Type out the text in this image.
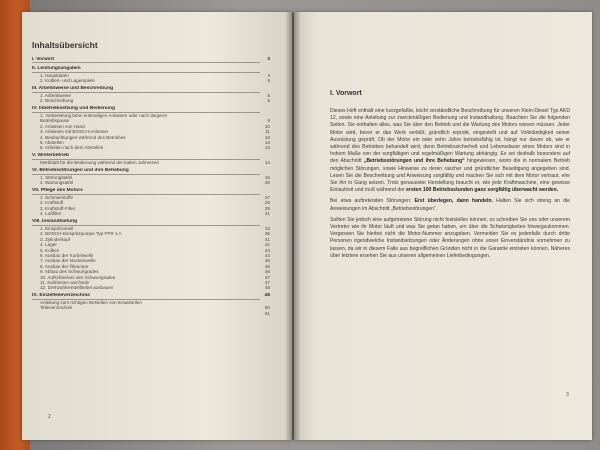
Inhaltsübersicht
I. Vorwort	3
II. Leistungsangaben
1. Hauptdaten	4
2. Kolben- und Lagerspiele	5
III. Arbeitsweise und Beschreibung
1. Arbeitsweise	6
2. Beschreibung	6
IV. Inbetriebsetzung und Bedienung
1. Vorbereitung beim erstmaligen Anlassen oder nach längerer
Betriebspause	8
2. Anlassen von Hand	10
3. Anlassen mit BOSCH-Anlasser	11
4. Beobachtungen während des Betriebes	12
5. Abstellen	13
6. Arbeiten nach dem Abstellen	13
V. Winterbetrieb
Merkblatt für die Bedienung während der kalten Jahreszeit	14
VI. Betriebsstörungen und ihre Behebung
1. Störungstafel	15
2. Wartungstafel	26
VII. Pflege des Motors
1. Schmierstoffe	27
2. Kraftstoff	29
3. Kraftstoff-Filter	29
4. Luftfilter	31
VIII. Instandhaltung
1. Einspritzventil	33
2. BOSCH-Einspritzpumpe Typ PFR 1 A	36
3. Zylinderkopf	41
4. Lager	42
5. Kolben	44
6. Ausbau der Kurbelwelle	44
7. Ausbau der Nockenwelle	45
8. Ausbau der Ölpumpe	46
9. Abbau des Schwungrades	46
10. Aufschlecken des Schwungrades	47
11. Keilriemen wechseln	47
12. Drehzahlverstellhebel ausbauen	48
IX. Einzelteileverzeichnis	48
Anleitung zum richtigen Bestellen von Ersatzteilen
Teileverzeichnis	50
51
2
I. Vorwort

Dieses Heft enthält eine kurzgefaßte, leicht verständliche Beschreibung für unseren Klein-Diesel Typ AKD 12, sowie eine Anleitung zur zweckmäßigen Bedienung und Instandhaltung. Beachten Sie die folgenden Seiten. Sie enthalten alles, was Sie über den Betrieb und die Wartung des Motors wissen müssen. Jeder Motor wird, bevor er das Werk verläßt, gründlich erprobt, eingestellt und auf Vollständigkeit seiner Ausrüstung geprüft. Ob der Motor ein oder zehn Jahre betriebsfähig ist, hängt nur davon ab, wie er während des Betriebes behandelt wird, denn Betriebssicherheit und Lebensdauer eines Motors sind in hohem Maße von der sorgfältigen und regelmäßigen Wartung abhängig. Es sei deshalb besonders auf den Abschnitt „Betriebsstörungen und ihre Behebung“ hingewiesen, worin die in normalem Betrieb möglichen Störungen, sowie Hinweise zu deren rascher und gründlicher Beseitigung angegeben sind. Lesen Sie die Beschreibung und Anweisung sorgfältig und machen Sie sich mit dem Motor vertraut, ehe Sie ihn in Gang setzen. Trotz genauester Herstellung braucht er, wie jede Kraftmaschine, eine gewisse Einlaufzeit und muß während der ersten 100 Betriebsstunden ganz sorgfältig überwacht werden.

Bei etwa auftretenden Störungen: Erst überlegen, dann handeln. Halten Sie sich streng an die Anweisungen im Abschnitt „Betriebsstörungen“.

Sollten Sie jedoch eine aufgetretene Störung nicht feststellen können, so schreiben Sie uns oder unserem Vertreter wie ihr Motor läuft und was Sie getan haben, um über die Schwierigkeiten hinwegzukommen. Vergessen Sie hierbei nicht die Motor-Nummer anzugeben. Vermeiden Sie es jedenfalls durch dritte Personen irgendwelche Instandsetzungen oder Änderungen ohne unser Einverständnis vornehmen zu lassen, da wir in diesem Falle aus begreiflichen Gründen nicht in die Garantie eintreten können. Näheres über letztere ersehen Sie aus unseren allgemeinen Lieferbedingungen.

3
